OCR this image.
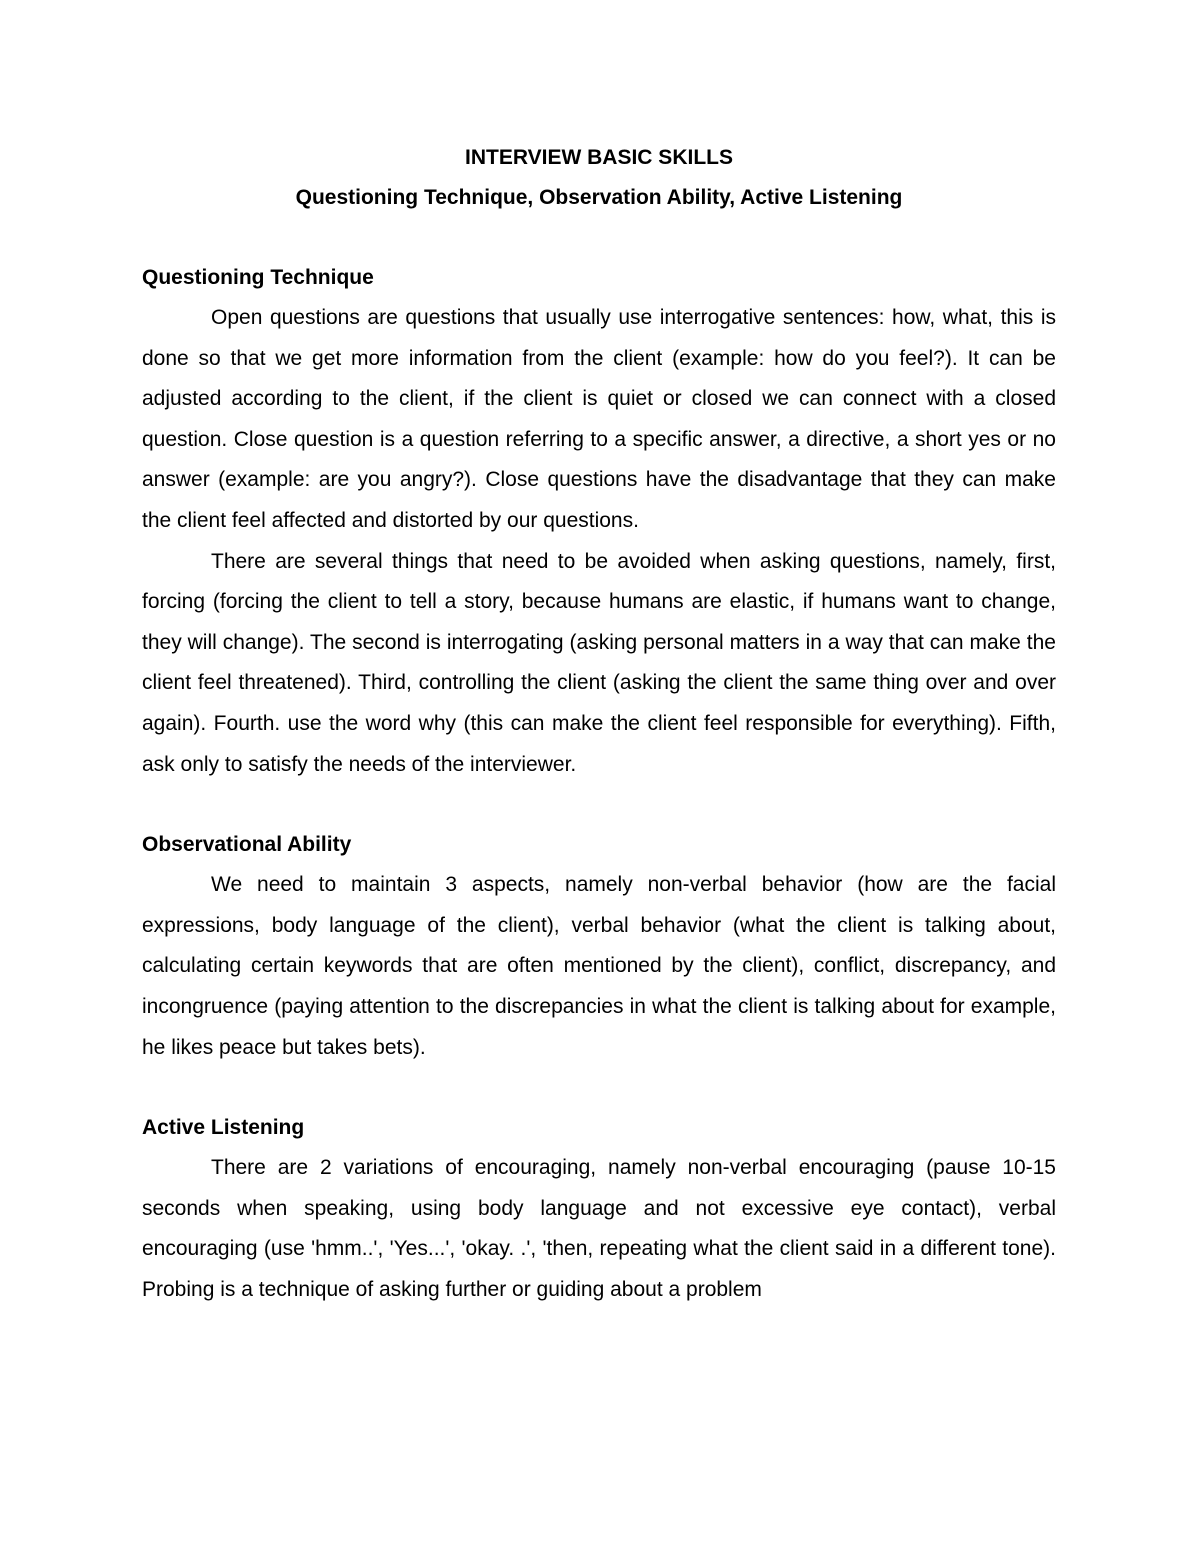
INTERVIEW BASIC SKILLS

Questioning Technique, Observation Ability, Active Listening

Questioning Technique

Open questions are questions that usually use interrogative sentences: how, what, this is done so that we get more information from the client (example: how do you feel?). It can be adjusted according to the client, if the client is quiet or closed we can connect with a closed question. Close question is a question referring to a specific answer, a directive, a short yes or no answer (example: are you angry?). Close questions have the disadvantage that they can make the client feel affected and distorted by our questions.

There are several things that need to be avoided when asking questions, namely, first, forcing (forcing the client to tell a story, because humans are elastic, if humans want to change, they will change). The second is interrogating (asking personal matters in a way that can make the client feel threatened). Third, controlling the client (asking the client the same thing over and over again). Fourth. use the word why (this can make the client feel responsible for everything). Fifth, ask only to satisfy the needs of the interviewer.

Observational Ability

We need to maintain 3 aspects, namely non-verbal behavior (how are the facial expressions, body language of the client), verbal behavior (what the client is talking about, calculating certain keywords that are often mentioned by the client), conflict, discrepancy, and incongruence (paying attention to the discrepancies in what the client is talking about for example, he likes peace but takes bets).

Active Listening

There are 2 variations of encouraging, namely non-verbal encouraging (pause 10-15 seconds when speaking, using body language and not excessive eye contact), verbal encouraging (use 'hmm..', 'Yes...', 'okay. .', 'then, repeating what the client said in a different tone). Probing is a technique of asking further or guiding about a problem
